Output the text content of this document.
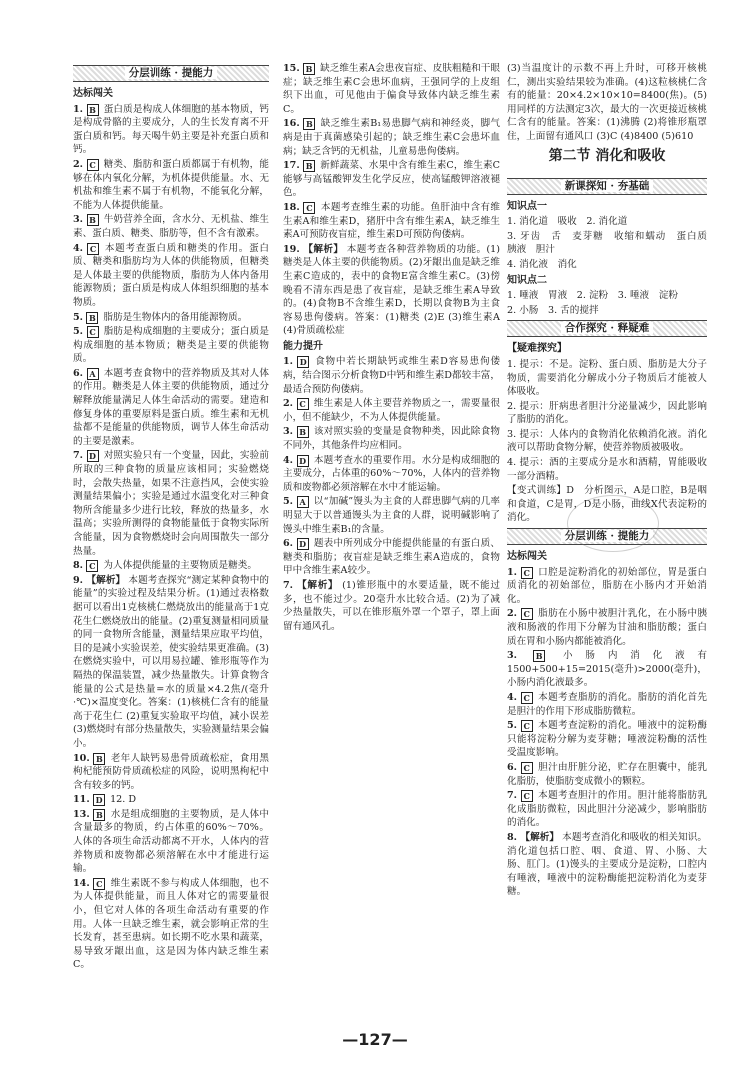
分层训练 · 提能力
达标闯关
1. B 蛋白质是构成人体细胞的基本物质，钙是构成骨骼的主要成分，人的生长发育离不开蛋白质和钙。每天喝牛奶主要是补充蛋白质和钙。
2. C 糖类、脂肪和蛋白质都属于有机物，能够在体内氧化分解，为机体提供能量。水、无机盐和维生素不属于有机物，不能氧化分解，不能为人体提供能量。
3. B 牛奶营养全面，含水分、无机盐、维生素、蛋白质、糖类、脂肪等，但不含有激素。
4. C 本题考查蛋白质和糖类的作用。蛋白质、糖类和脂肪均为人体的供能物质，但糖类是人体最主要的供能物质，脂肪为人体内备用能源物质；蛋白质是构成人体组织细胞的基本物质。
5. B 脂肪是生物体内的备用能源物质。
5. C 脂肪是构成细胞的主要成分；蛋白质是构成细胞的基本物质；糖类是主要的供能物质。
6. A 本题考查食物中的营养物质及其对人体的作用。糖类是人体主要的供能物质，通过分解释放能量满足人体生命活动的需要。建造和修复身体的重要原料是蛋白质。维生素和无机盐都不是能量的供能物质，调节人体生命活动的主要是激素。
7. D 对照实验只有一个变量，因此，实验前所取的三种食物的质量应该相同；实验燃烧时，会散失热量，如果不注意挡风，会使实验测量结果偏小；实验是通过水温变化对三种食物所含能量多少进行比较，释放的热量多，水温高；实验所测得的食物能量低于食物实际所含能量，因为食物燃烧时会向周围散失一部分热量。
8. C 为人体提供能量的主要物质是糖类。
9. 【解析】 本题考查探究“测定某种食物中的能量”的实验过程及结果分析。(1)通过表格数据可以看出1克核桃仁燃烧放出的能量高于1克花生仁燃烧放出的能量。(2)重复测量相同质量的同一食物所含能量，测量结果应取平均值，目的是减小实验误差，使实验结果更准确。(3)在燃烧实验中，可以用易拉罐、锥形瓶等作为隔热的保温装置，减少热量散失。计算食物含能量的公式是热量=水的质量×4.2焦/(毫升·℃)×温度变化。答案：(1)核桃仁含有的能量高于花生仁 (2)重复实验取平均值，减小误差 (3)燃烧时有部分热量散失，实验测量结果会偏小。
10. B 老年人缺钙易患骨质疏松症，食用黑枸杞能预防骨质疏松症的风险，说明黑枸杞中含有较多的钙。
11. D 12. D
13. B 水是组成细胞的主要物质，是人体中含量最多的物质，约占体重的60%～70%。人体的各项生命活动都离不开水，人体内的营养物质和废物都必须溶解在水中才能进行运输。
14. C 维生素既不参与构成人体细胞，也不为人体提供能量，而且人体对它的需要量很小，但它对人体的各项生命活动有重要的作用。人体一旦缺乏维生素，就会影响正常的生长发育，甚至患病。如长期不吃水果和蔬菜，易导致牙龈出血，这是因为体内缺乏维生素C。
15. B 缺乏维生素A会患夜盲症、皮肤粗糙和干眼症；缺乏维生素C会患坏血病，王强同学的上皮组织下出血，可见他由于偏食导致体内缺乏维生素C。
16. B 缺乏维生素B₁易患脚气病和神经炎，脚气病是由于真菌感染引起的；缺乏维生素C会患坏血病；缺乏含钙的无机盐，儿童易患佝偻病。
17. B 新鲜蔬菜、水果中含有维生素C，维生素C能够与高锰酸钾发生化学反应，使高锰酸钾溶液褪色。
18. C 本题考查维生素的功能。鱼肝油中含有维生素A和维生素D，猪肝中含有维生素A，缺乏维生素A可预防夜盲症，维生素D可预防佝偻病。
19. 【解析】 本题考查各种营养物质的功能。(1)糖类是人体主要的供能物质。(2)牙龈出血是缺乏维生素C造成的，表中的食物E富含维生素C。(3)傍晚看不清东西是患了夜盲症，是缺乏维生素A导致的。(4)食物B不含维生素D，长期以食物B为主食容易患佝偻病。答案：(1)糖类 (2)E (3)维生素A (4)骨质疏松症
能力提升
1. D 食物中若长期缺钙或维生素D容易患佝偻病，结合图示分析食物D中钙和维生素D都较丰富，最适合预防佝偻病。
2. C 维生素是人体主要营养物质之一，需要量很小，但不能缺少，不为人体提供能量。
3. B 该对照实验的变量是食物种类，因此除食物不同外，其他条件均应相同。
4. D 本题考查水的重要作用。水分是构成细胞的主要成分，占体重的60%～70%，人体内的营养物质和废物都必须溶解在水中才能运输。
5. A 以“加碱”馒头为主食的人群患脚气病的几率明显大于以普通馒头为主食的人群，说明碱影响了馒头中维生素B₁的含量。
6. D 题表中所列成分中能提供能量的有蛋白质、糖类和脂肪；夜盲症是缺乏维生素A造成的，食物甲中含维生素A较少。
7. 【解析】 (1)锥形瓶中的水要适量，既不能过多，也不能过少。20毫升水比较合适。(2)为了减少热量散失，可以在锥形瓶外罩一个罩子，罩上面留有通风孔。
(3)当温度计的示数不再上升时，可移开核桃仁，测出实验结果较为准确。(4)这粒核桃仁含有的能量：20×4.2×10×10=8400(焦)。(5)用同样的方法测定3次，最大的一次更接近核桃仁含有的能量。答案：(1)沸腾 (2)将锥形瓶罩住，上面留有通风口 (3)C (4)8400 (5)610
第二节 消化和吸收
新课探知 · 夯基础
知识点一
1. 消化道　吸收　2. 消化道
3. 牙齿　舌　麦芽糖　收缩和蠕动　蛋白质　胰液　胆汁
4. 消化液　消化
知识点二
1. 唾液　胃液　2. 淀粉　3. 唾液　淀粉
2. 小肠　3. 舌的搅拌
合作探究 · 释疑难
【疑难探究】
1. 提示：不是。淀粉、蛋白质、脂肪是大分子物质，需要消化分解成小分子物质后才能被人体吸收。
2. 提示：肝病患者胆汁分泌量减少，因此影响了脂肪的消化。
3. 提示：人体内的食物消化依赖消化液。消化液可以帮助食物分解，使营养物质被吸收。
4. 提示：酒的主要成分是水和酒精，胃能吸收一部分酒精。
【变式训练】D　分析图示，A是口腔，B是咽和食道，C是胃，D是小肠，曲线X代表淀粉的消化。
分层训练 · 提能力
达标闯关
1. C 口腔是淀粉消化的初始部位，胃是蛋白质消化的初始部位，脂肪在小肠内才开始消化。
2. C 脂肪在小肠中被胆汁乳化，在小肠中胰液和肠液的作用下分解为甘油和脂肪酸；蛋白质在胃和小肠内都能被消化。
3. B 小肠内消化液有1500+500+15=2015(毫升)>2000(毫升)，小肠内消化液最多。
4. C 本题考查脂肪的消化。脂肪的消化首先是胆汁的作用下形成脂肪微粒。
5. C 本题考查淀粉的消化。唾液中的淀粉酶只能将淀粉分解为麦芽糖；唾液淀粉酶的活性受温度影响。
6. C 胆汁由肝脏分泌，贮存在胆囊中，能乳化脂肪，使脂肪变成微小的颗粒。
7. C 本题考查胆汁的作用。胆汁能将脂肪乳化成脂肪微粒，因此胆汁分泌减少，影响脂肪的消化。
8. 【解析】 本题考查消化和吸收的相关知识。消化道包括口腔、咽、食道、胃、小肠、大肠、肛门。(1)馒头的主要成分是淀粉，口腔内有唾液，唾液中的淀粉酶能把淀粉消化为麦芽糖。
—127—
